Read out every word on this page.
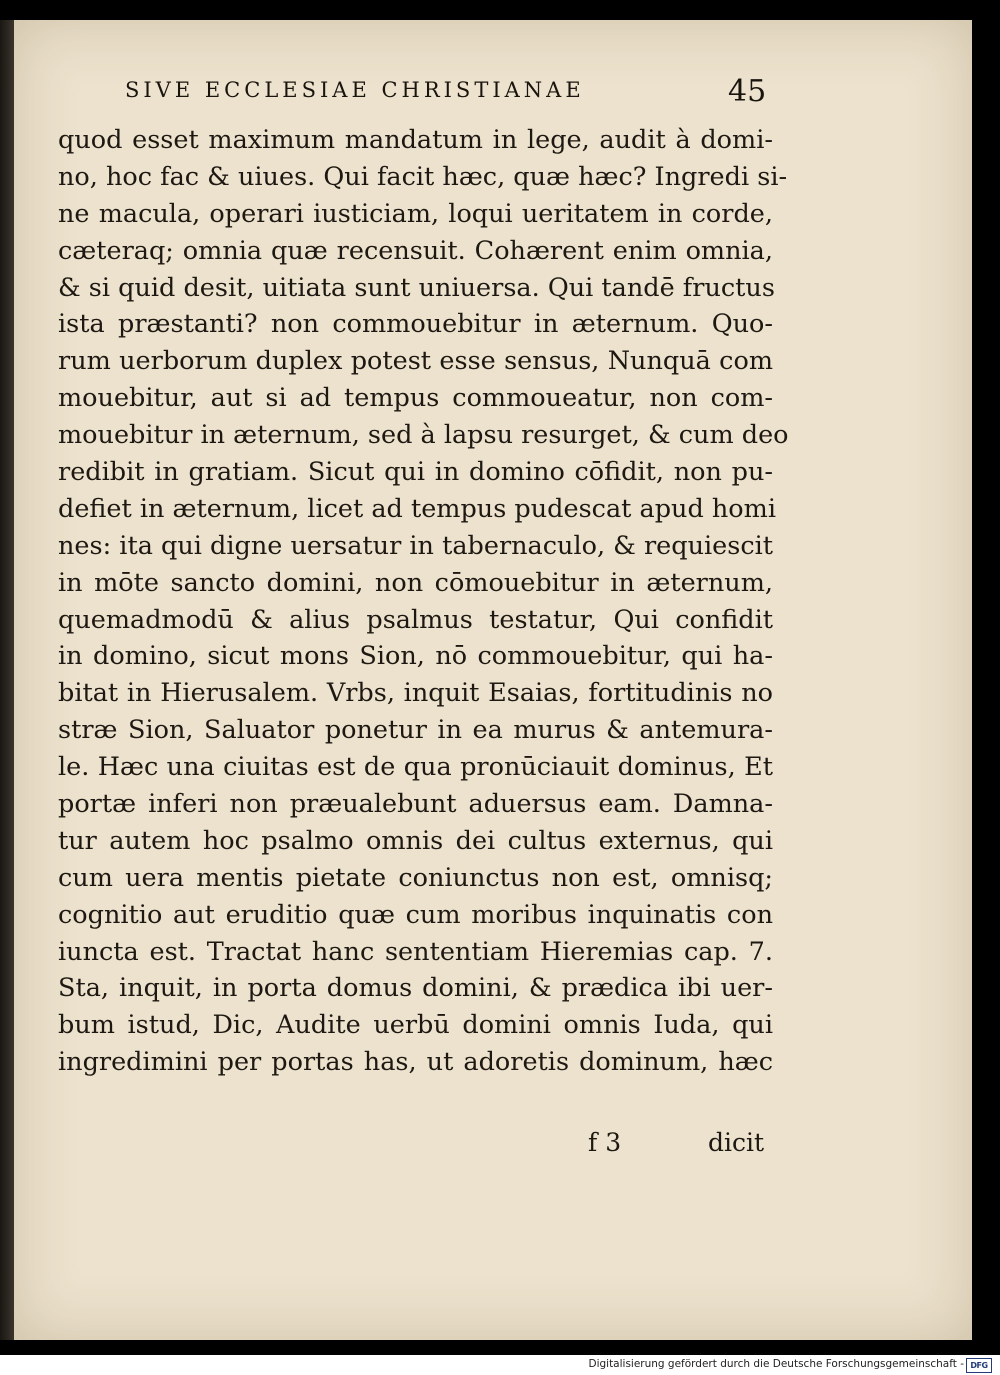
SIVE ECCLESIAE CHRISTIANAE	45
quod esset maximum mandatum in lege, audit à domi-
no, hoc fac & uiues. Qui facit hæc, quæ hæc? Ingredi si-
ne macula, operari iusticiam, loqui ueritatem in corde,
cæteraq; omnia quæ recensuit. Cohærent enim omnia,
& si quid desit, uitiata sunt uniuersa. Qui tandē fructus
ista præstanti? non commouebitur in æternum. Quo-
rum uerborum duplex potest esse sensus, Nunquā com
mouebitur, aut si ad tempus commoueatur, non com-
mouebitur in æternum, sed à lapsu resurget, & cum deo
redibit in gratiam. Sicut qui in domino cōfidit, non pu-
defiet in æternum, licet ad tempus pudescat apud homi
nes: ita qui digne uersatur in tabernaculo, & requiescit
in mōte sancto domini, non cōmouebitur in æternum,
quemadmodū & alius psalmus testatur, Qui confidit
in domino, sicut mons Sion, nō commouebitur, qui ha-
bitat in Hierusalem. Vrbs, inquit Esaias, fortitudinis no
stræ Sion, Saluator ponetur in ea murus & antemura-
le. Hæc una ciuitas est de qua pronūciauit dominus, Et
portæ inferi non præualebunt aduersus eam. Damna-
tur autem hoc psalmo omnis dei cultus externus, qui
cum uera mentis pietate coniunctus non est, omnisq;
cognitio aut eruditio quæ cum moribus inquinatis con
iuncta est. Tractat hanc sententiam Hieremias cap. 7.
Sta, inquit, in porta domus domini, & prædica ibi uer-
bum istud, Dic, Audite uerbū domini omnis Iuda, qui
ingredimini per portas has, ut adoretis dominum, hæc
f 3	dicit
Digitalisierung gefördert durch die Deutsche Forschungsgemeinschaft - DFG
